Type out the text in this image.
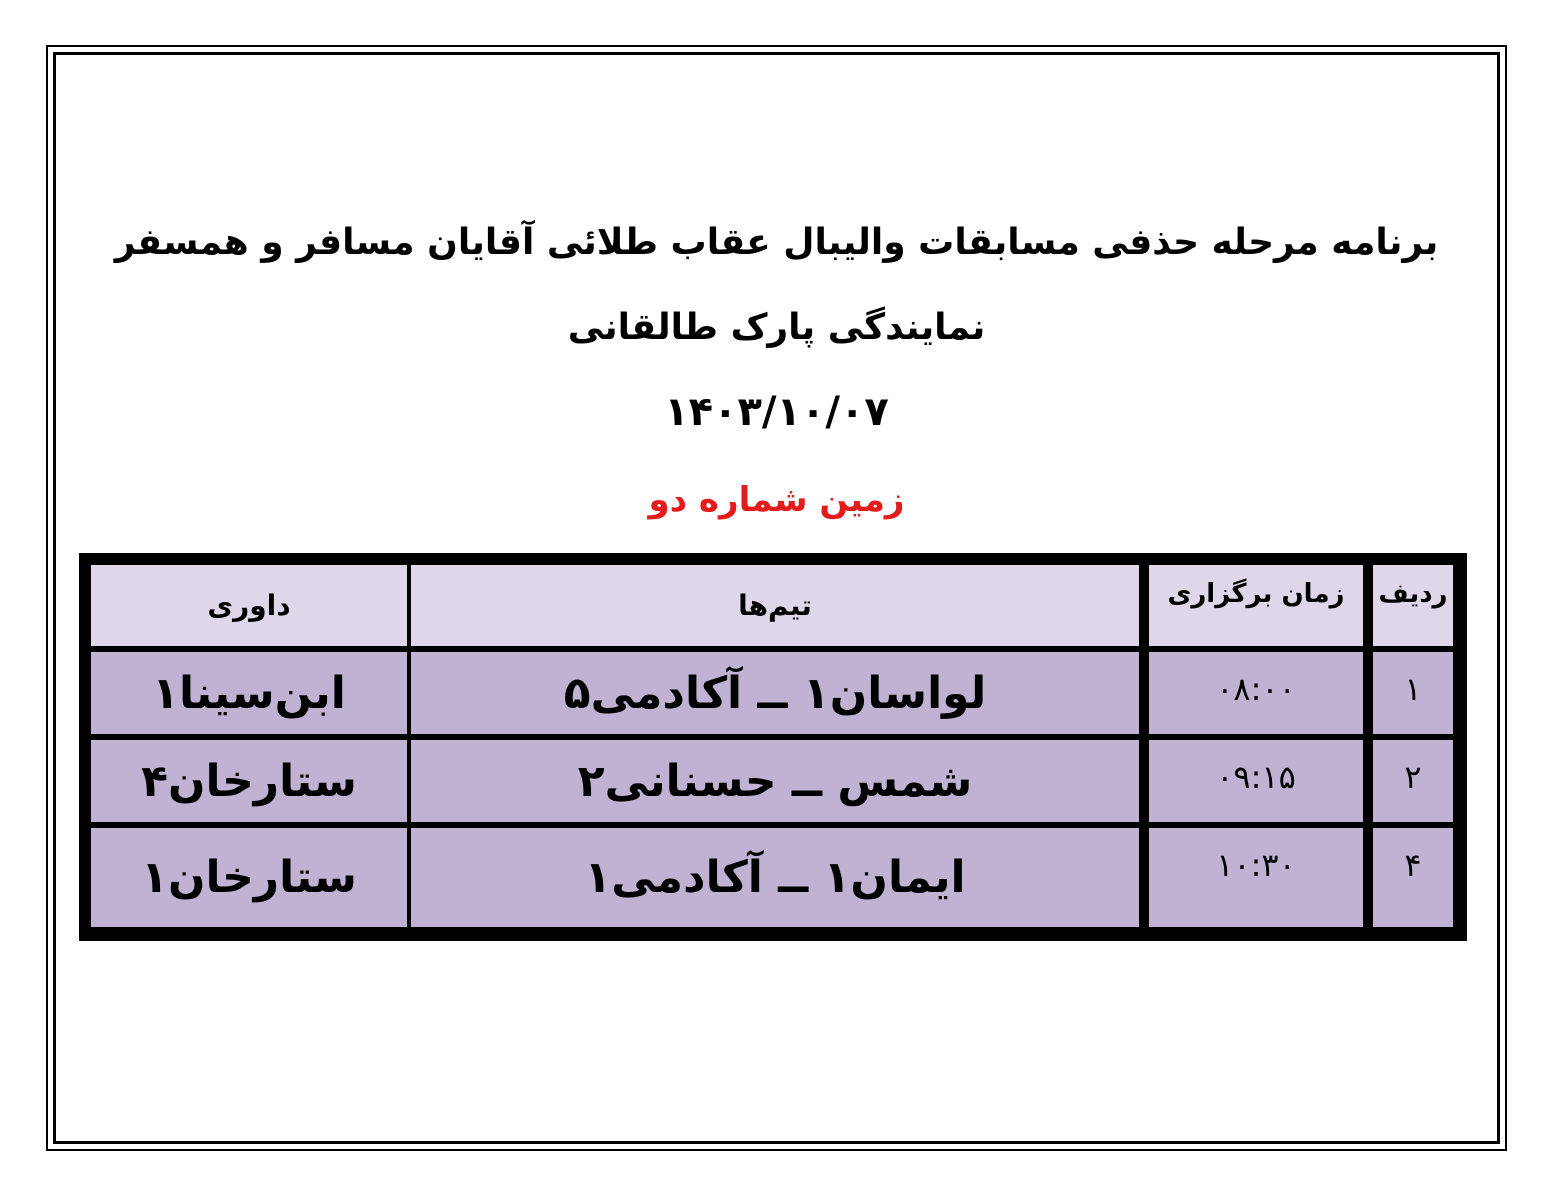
برنامه مرحله حذفی مسابقات والیبال عقاب طلائی آقایان مسافر و همسفر
نمایندگی پارک طالقانی
۱۴۰۳/۱۰/۰۷
زمین شماره دو
داوری	تیم‌ها	زمان برگزاری	ردیف
ابن‌سینا۱	لواسان۱ ــ آکادمی۵	۰۸:۰۰	۱
ستارخان۴	شمس ــ حسنانی۲	۰۹:۱۵	۲
ستارخان۱	ایمان۱ ــ آکادمی۱	۱۰:۳۰	۴
